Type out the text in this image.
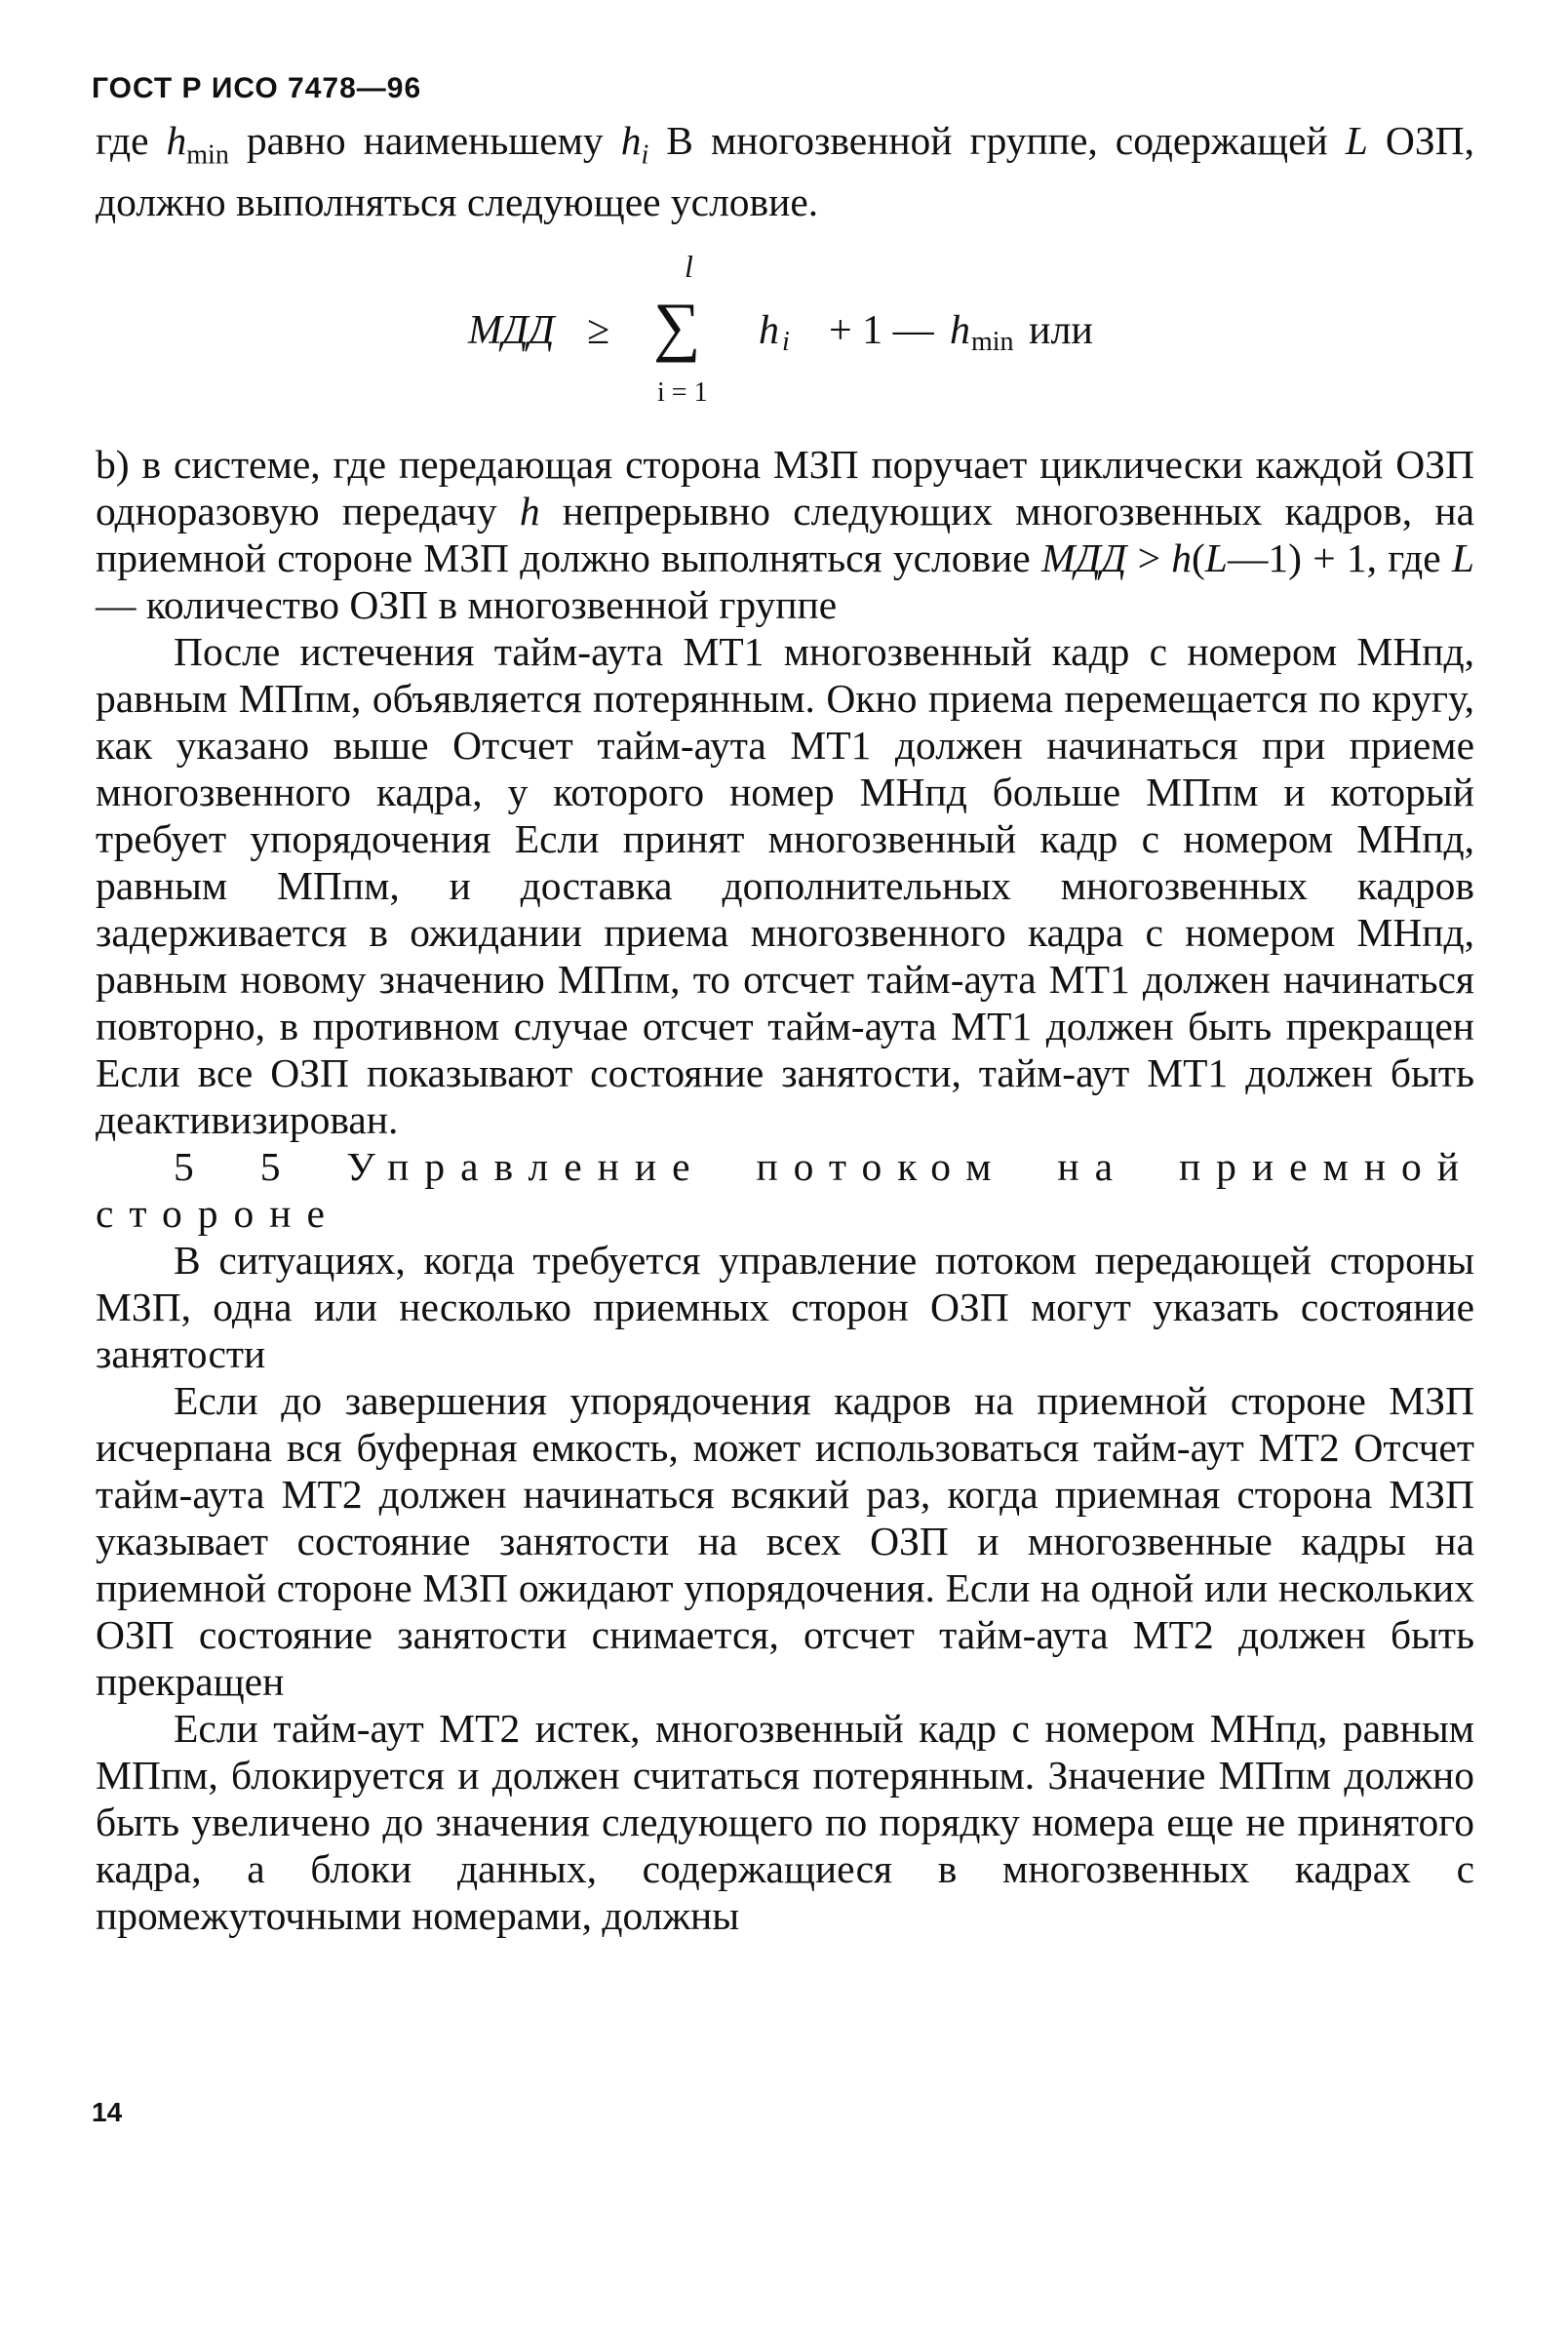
ГОСТ Р ИСО 7478—96

где $h_{min}$ равно наименьшему $h_i$ В многозвенной группе, содержащей L ОЗП, должно выполняться следующее условие.

l
МДД ≥ ∑ h i + 1 — h min или
i = 1

b) в системе, где передающая сторона МЗП поручает циклически каждой ОЗП одноразовую передачу h непрерывно следующих многозвенных кадров, на приемной стороне МЗП должно выполняться условие МДД > h(L—1) + 1, где L — количество ОЗП в многозвенной группе

После истечения тайм-аута МТ1 многозвенный кадр с номером МНпд, равным МПпм, объявляется потерянным. Окно приема перемещается по кругу, как указано выше Отсчет тайм-аута МТ1 должен начинаться при приеме многозвенного кадра, у которого номер МНпд больше МПпм и который требует упорядочения Если принят многозвенный кадр с номером МНпд, равным МПпм, и доставка дополнительных многозвенных кадров задерживается в ожидании приема многозвенного кадра с номером МНпд, равным новому значению МПпм, то отсчет тайм-аута МТ1 должен начинаться повторно, в противном случае отсчет тайм-аута МТ1 должен быть прекращен Если все ОЗП показывают состояние занятости, тайм-аут МТ1 должен быть деактивизирован.

5 5 Управление потоком на приемной стороне

В ситуациях, когда требуется управление потоком передающей стороны МЗП, одна или несколько приемных сторон ОЗП могут указать состояние занятости

Если до завершения упорядочения кадров на приемной стороне МЗП исчерпана вся буферная емкость, может использоваться тайм-аут МТ2 Отсчет тайм-аута МТ2 должен начинаться всякий раз, когда приемная сторона МЗП указывает состояние занятости на всех ОЗП и многозвенные кадры на приемной стороне МЗП ожидают упорядочения. Если на одной или нескольких ОЗП состояние занятости снимается, отсчет тайм-аута МТ2 должен быть прекращен

Если тайм-аут МТ2 истек, многозвенный кадр с номером МНпд, равным МПпм, блокируется и должен считаться потерянным. Значение МПпм должно быть увеличено до значения следующего по порядку номера еще не принятого кадра, а блоки данных, содержащиеся в многозвенных кадрах с промежуточными номерами, должны

14
